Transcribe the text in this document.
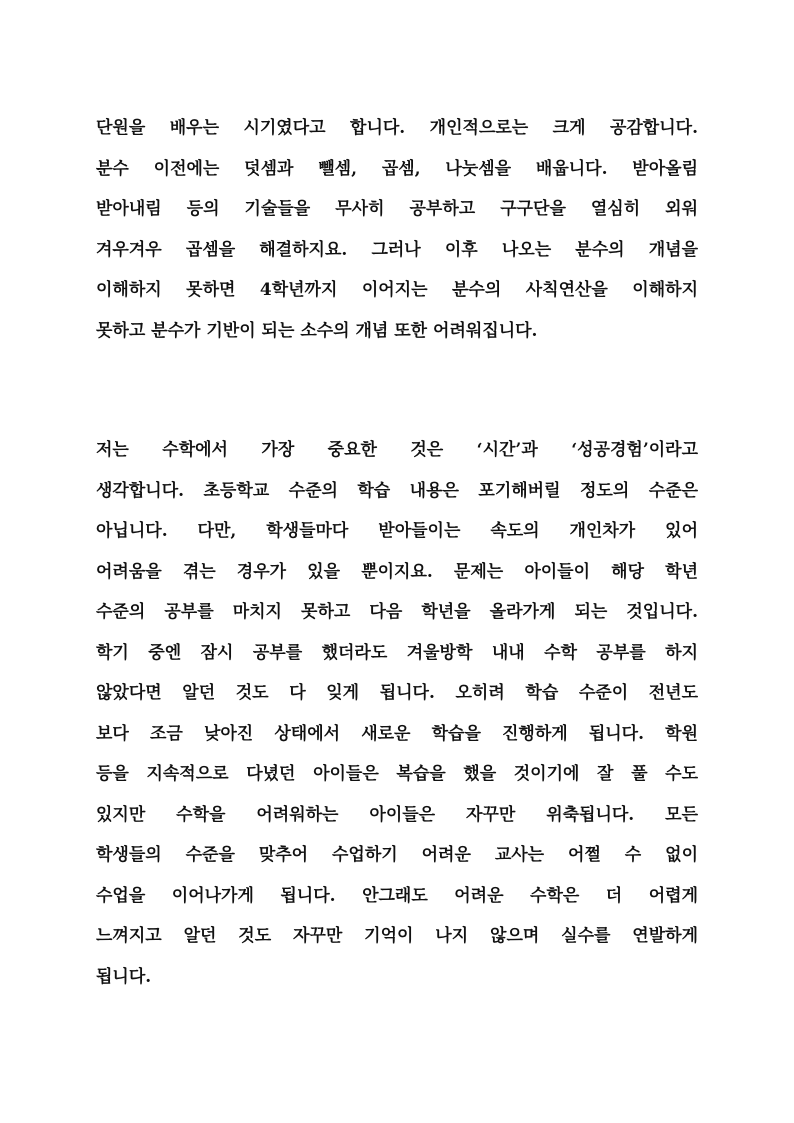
단원을 배우는 시기였다고 합니다. 개인적으로는 크게 공감합니다.
분수 이전에는 덧셈과 뺄셈, 곱셈, 나눗셈을 배웁니다. 받아올림
받아내림 등의 기술들을 무사히 공부하고 구구단을 열심히 외워
겨우겨우 곱셈을 해결하지요. 그러나 이후 나오는 분수의 개념을
이해하지 못하면 4학년까지 이어지는 분수의 사칙연산을 이해하지
못하고 분수가 기반이 되는 소수의 개념 또한 어려워집니다.
저는 수학에서 가장 중요한 것은 ‘시간’과 ‘성공경험’이라고
생각합니다. 초등학교 수준의 학습 내용은 포기해버릴 정도의 수준은
아닙니다. 다만, 학생들마다 받아들이는 속도의 개인차가 있어
어려움을 겪는 경우가 있을 뿐이지요. 문제는 아이들이 해당 학년
수준의 공부를 마치지 못하고 다음 학년을 올라가게 되는 것입니다.
학기 중엔 잠시 공부를 했더라도 겨울방학 내내 수학 공부를 하지
않았다면 알던 것도 다 잊게 됩니다. 오히려 학습 수준이 전년도
보다 조금 낮아진 상태에서 새로운 학습을 진행하게 됩니다. 학원
등을 지속적으로 다녔던 아이들은 복습을 했을 것이기에 잘 풀 수도
있지만 수학을 어려워하는 아이들은 자꾸만 위축됩니다. 모든
학생들의 수준을 맞추어 수업하기 어려운 교사는 어쩔 수 없이
수업을 이어나가게 됩니다. 안그래도 어려운 수학은 더 어렵게
느껴지고 알던 것도 자꾸만 기억이 나지 않으며 실수를 연발하게
됩니다.
